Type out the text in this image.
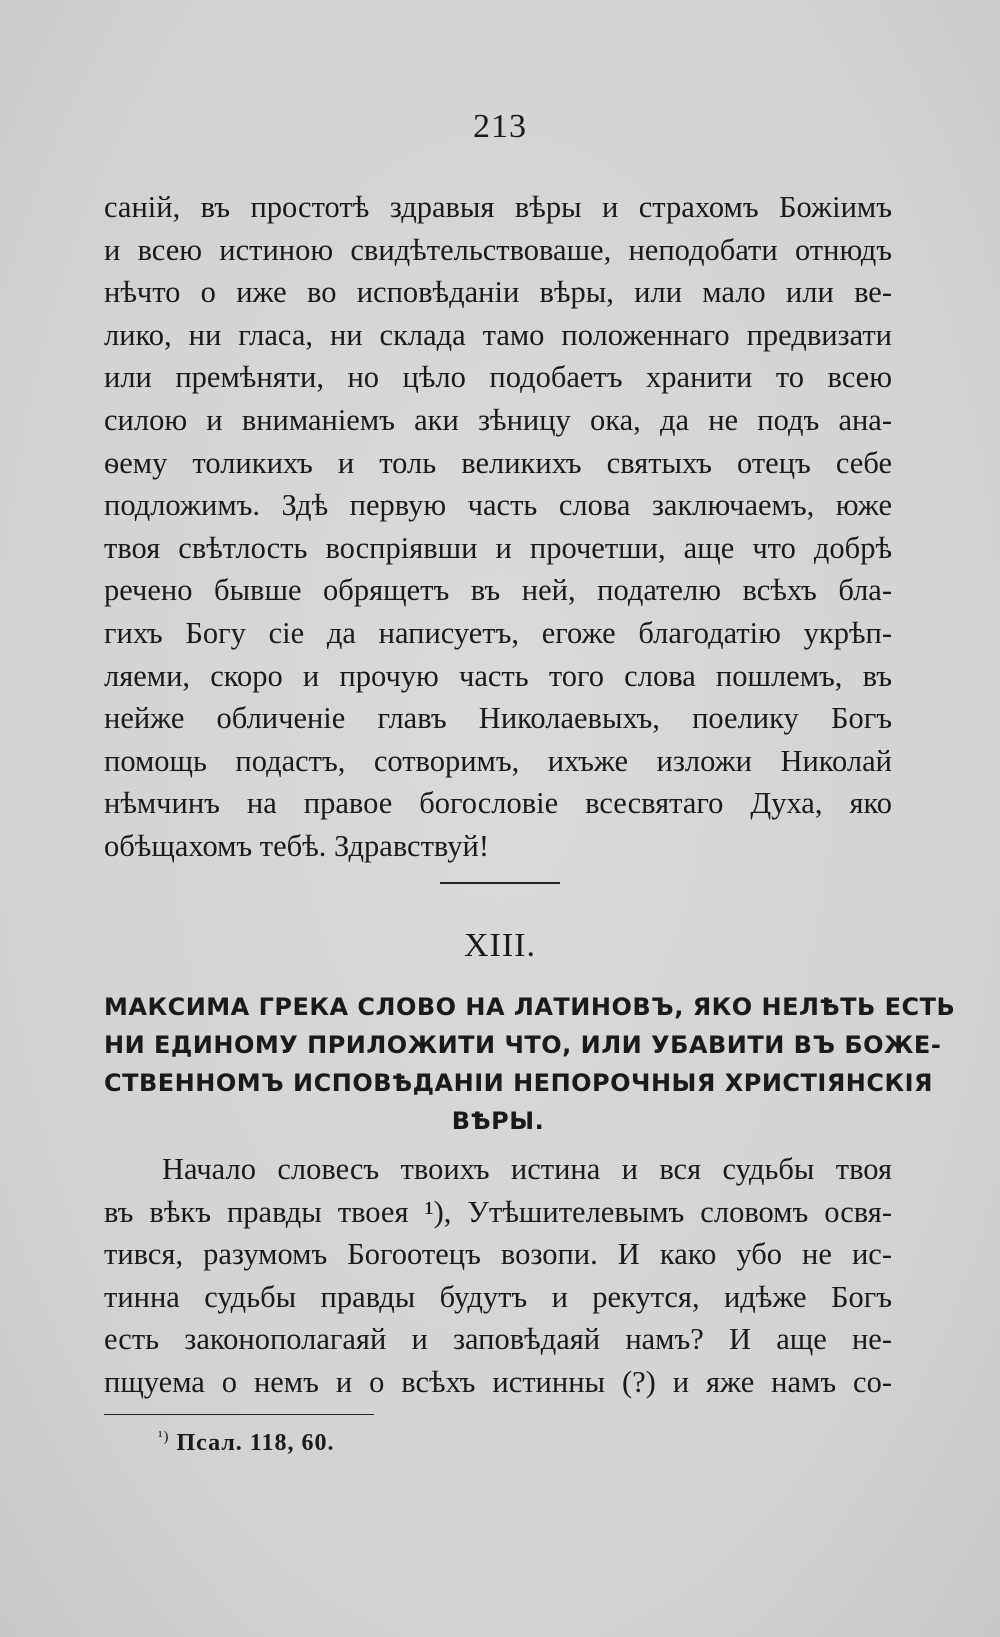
213
саній, въ простотѣ здравыя вѣры и страхомъ Божіимъ
и всею истиною свидѣтельствоваше, неподобати отнюдъ
нѣчто о иже во исповѣданіи вѣры, или мало или ве-
лико, ни гласа, ни склада тамо положеннаго предвизати
или премѣняти, но цѣло подобаетъ хранити то всею
силою и вниманіемъ аки зѣницу ока, да не подъ ана-
ѳему толикихъ и толь великихъ святыхъ отецъ себе
подложимъ. Здѣ первую часть слова заключаемъ, юже
твоя свѣтлость воспріявши и прочетши, аще что добрѣ
речено бывше обрящетъ въ ней, подателю всѣхъ бла-
гихъ Богу сіе да написуетъ, егоже благодатію укрѣп-
ляеми, скоро и прочую часть того слова пошлемъ, въ
нейже обличеніе главъ Николаевыхъ, поелику Богъ
помощь подастъ, сотворимъ, ихъже изложи Николай
нѣмчинъ на правое богословіе всесвятаго Духа, яко
обѣщахомъ тебѣ. Здравствуй!
XIII.
МАКСИМА ГРЕКА СЛОВО НА ЛАТИНОВЪ, ЯКО НЕЛѢТЬ ЕСТЬ
НИ ЕДИНОМУ ПРИЛОЖИТИ ЧТО, ИЛИ УБАВИТИ ВЪ БОЖЕ-
СТВЕННОМЪ ИСПОВѢДАНІИ НЕПОРОЧНЫЯ ХРИСТІЯНСКІЯ
ВѢРЫ.
Начало словесъ твоихъ истина и вся судьбы твоя
въ вѣкъ правды твоея ¹), Утѣшителевымъ словомъ освя-
тився, разумомъ Богоотецъ возопи. И како убо не ис-
тинна судьбы правды будутъ и рекутся, идѣже Богъ
есть законополагаяй и заповѣдаяй намъ? И аще не-
пщуема о немъ и о всѣхъ истинны (?) и яже намъ со-
$^{^1)}$ Псал. 118, 60.
